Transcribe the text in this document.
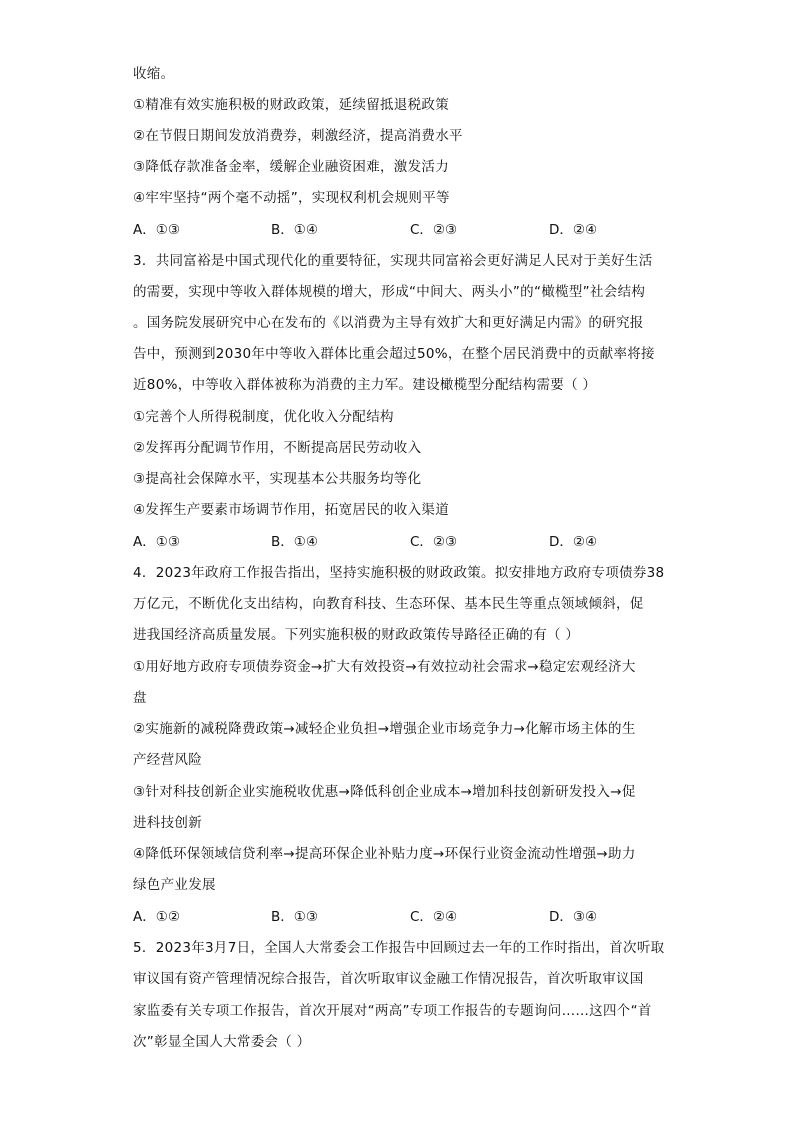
收缩。
①精准有效实施积极的财政政策，延续留抵退税政策
②在节假日期间发放消费券，刺激经济，提高消费水平
③降低存款准备金率，缓解企业融资困难，激发活力
④牢牢坚持“两个毫不动摇”，实现权利机会规则平等
A．①③	B．①④	C．②③	D．②④
3．共同富裕是中国式现代化的重要特征，实现共同富裕会更好满足人民对于美好生活
的需要，实现中等收入群体规模的增大，形成“中间大、两头小”的“橄榄型”社会结构
。国务院发展研究中心在发布的《以消费为主导有效扩大和更好满足内需》的研究报
告中，预测到2030年中等收入群体比重会超过50%，在整个居民消费中的贡献率将接
近80%，中等收入群体被称为消费的主力军。建设橄榄型分配结构需要（ ）
①完善个人所得税制度，优化收入分配结构
②发挥再分配调节作用，不断提高居民劳动收入
③提高社会保障水平，实现基本公共服务均等化
④发挥生产要素市场调节作用，拓宽居民的收入渠道
A．①③	B．①④	C．②③	D．②④
4．2023年政府工作报告指出，坚持实施积极的财政政策。拟安排地方政府专项债券38
万亿元，不断优化支出结构，向教育科技、生态环保、基本民生等重点领域倾斜，促
进我国经济高质量发展。下列实施积极的财政政策传导路径正确的有（ ）
①用好地方政府专项债券资金→扩大有效投资→有效拉动社会需求→稳定宏观经济大
盘
②实施新的减税降费政策→减轻企业负担→增强企业市场竞争力→化解市场主体的生
产经营风险
③针对科技创新企业实施税收优惠→降低科创企业成本→增加科技创新研发投入→促
进科技创新
④降低环保领域信贷利率→提高环保企业补贴力度→环保行业资金流动性增强→助力
绿色产业发展
A．①②	B．①③	C．②④	D．③④
5．2023年3月7日，全国人大常委会工作报告中回顾过去一年的工作时指出，首次听取
审议国有资产管理情况综合报告，首次听取审议金融工作情况报告，首次听取审议国
家监委有关专项工作报告，首次开展对“两高”专项工作报告的专题询问……这四个“首
次”彰显全国人大常委会（ ）
